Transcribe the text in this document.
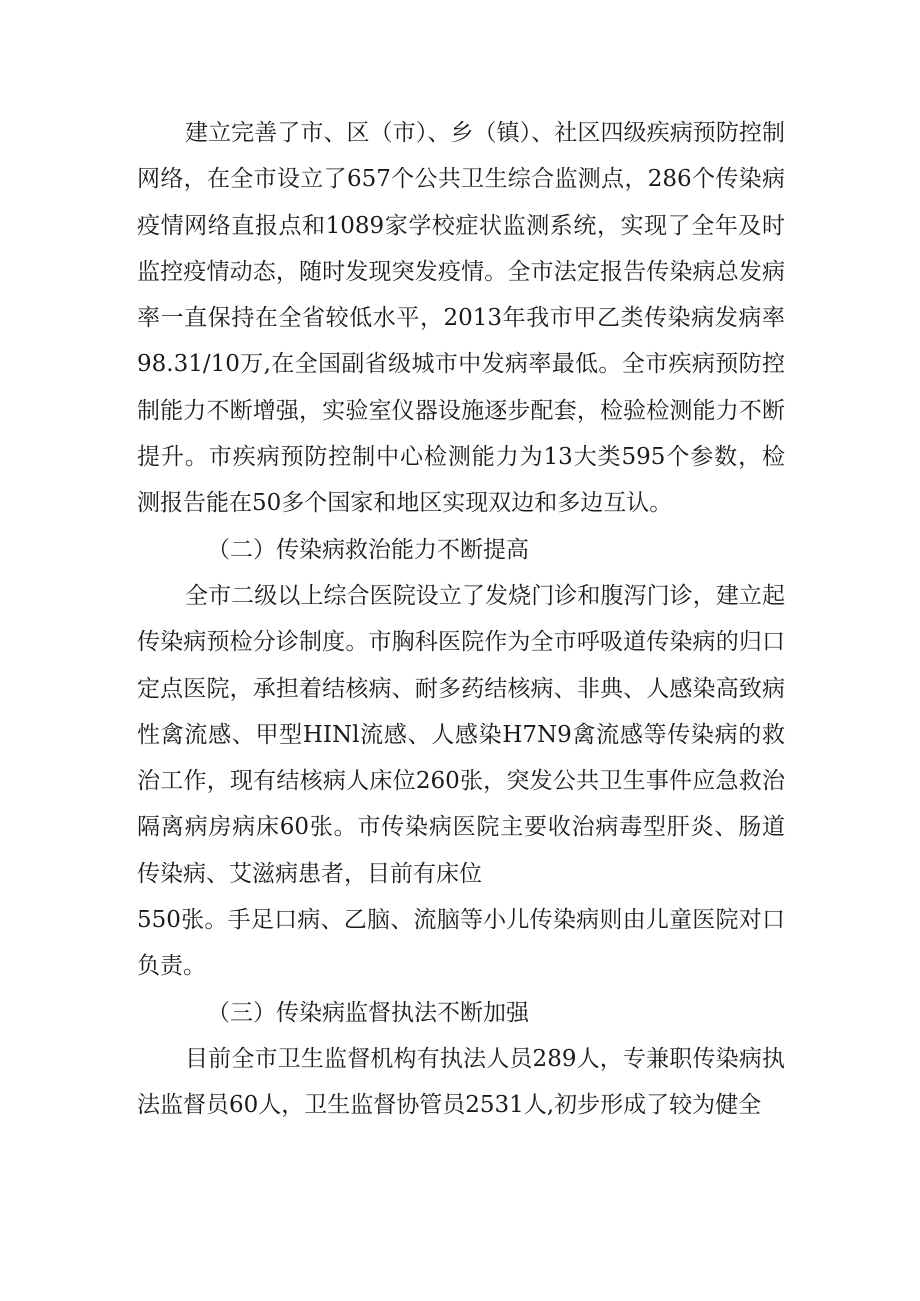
建立完善了市、区（市）、乡（镇）、社区四级疾病预防控制网络，在全市设立了657个公共卫生综合监测点，286个传染病疫情网络直报点和1089家学校症状监测系统，实现了全年及时监控疫情动态，随时发现突发疫情。全市法定报告传染病总发病率一直保持在全省较低水平，2013年我市甲乙类传染病发病率98.31/10万,在全国副省级城市中发病率最低。全市疾病预防控制能力不断增强，实验室仪器设施逐步配套，检验检测能力不断提升。市疾病预防控制中心检测能力为13大类595个参数，检测报告能在50多个国家和地区实现双边和多边互认。

（二）传染病救治能力不断提高

全市二级以上综合医院设立了发烧门诊和腹泻门诊，建立起传染病预检分诊制度。市胸科医院作为全市呼吸道传染病的归口定点医院，承担着结核病、耐多药结核病、非典、人感染高致病性禽流感、甲型HINl流感、人感染H7N9禽流感等传染病的救治工作，现有结核病人床位260张，突发公共卫生事件应急救治隔离病房病床60张。市传染病医院主要收治病毒型肝炎、肠道传染病、艾滋病患者，目前有床位

550张。手足口病、乙脑、流脑等小儿传染病则由儿童医院对口负责。

（三）传染病监督执法不断加强

目前全市卫生监督机构有执法人员289人，专兼职传染病执法监督员60人，卫生监督协管员2531人,初步形成了较为健全
